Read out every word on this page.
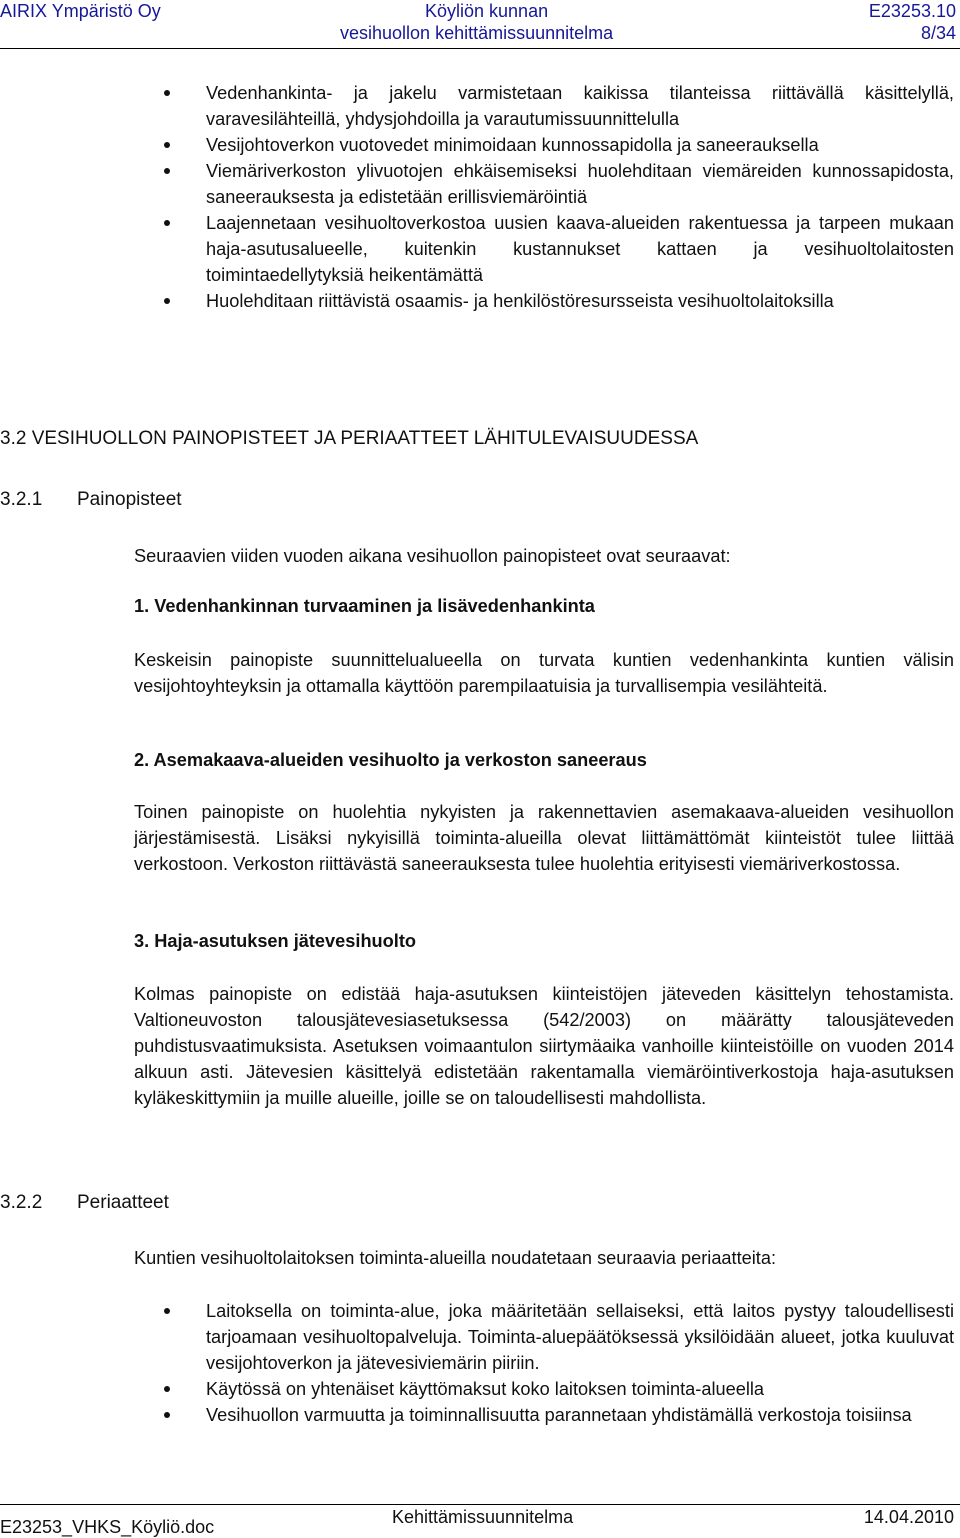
AIRIX Ympäristö Oy	Köyliön kunnan	E23253.10
vesihuollon kehittämissuunnitelma	8/34
Vedenhankinta- ja jakelu varmistetaan kaikissa tilanteissa riittävällä käsittelyllä, varavesilähteillä, yhdysjohdoilla ja varautumissuunnittelulla
Vesijohtoverkon vuotovedet minimoidaan kunnossapidolla ja saneerauksella
Viemäriverkoston ylivuotojen ehkäisemiseksi huolehditaan viemäreiden kunnossapidosta, saneerauksesta ja edistetään erillisviemäröintiä
Laajennetaan vesihuoltoverkostoa uusien kaava-alueiden rakentuessa ja tarpeen mukaan haja-asutusalueelle, kuitenkin kustannukset kattaen ja vesihuoltolaitosten toimintaedellytyksiä heikentämättä
Huolehditaan riittävistä osaamis- ja henkilöstöresursseista vesihuoltolaitoksilla
3.2 VESIHUOLLON PAINOPISTEET JA PERIAATTEET LÄHITULEVAISUUDESSA
3.2.1 Painopisteet
Seuraavien viiden vuoden aikana vesihuollon painopisteet ovat seuraavat:
1. Vedenhankinnan turvaaminen ja lisävedenhankinta
Keskeisin painopiste suunnittelualueella on turvata kuntien vedenhankinta kuntien välisin vesijohtoyhteyksin ja ottamalla käyttöön parempilaatuisia ja turvallisempia vesilähteitä.
2. Asemakaava-alueiden vesihuolto ja verkoston saneeraus
Toinen painopiste on huolehtia nykyisten ja rakennettavien asemakaava-alueiden vesihuollon järjestämisestä. Lisäksi nykyisillä toiminta-alueilla olevat liittämättömät kiinteistöt tulee liittää verkostoon. Verkoston riittävästä saneerauksesta tulee huolehtia erityisesti viemäriverkostossa.
3. Haja-asutuksen jätevesihuolto
Kolmas painopiste on edistää haja-asutuksen kiinteistöjen jäteveden käsittelyn tehostamista. Valtioneuvoston talousjätevesiasetuksessa (542/2003) on määrätty talousjäteveden puhdistusvaatimuksista. Asetuksen voimaantulon siirtymäaika vanhoille kiinteistöille on vuoden 2014 alkuun asti. Jätevesien käsittelyä edistetään rakentamalla viemäröintiverkostoja haja-asutuksen kyläkeskittymiin ja muille alueille, joille se on taloudellisesti mahdollista.
3.2.2 Periaatteet
Kuntien vesihuoltolaitoksen toiminta-alueilla noudatetaan seuraavia periaatteita:
Laitoksella on toiminta-alue, joka määritetään sellaiseksi, että laitos pystyy taloudellisesti tarjoamaan vesihuoltopalveluja. Toiminta-aluepäätöksessä yksilöidään alueet, jotka kuuluvat vesijohtoverkon ja jätevesiviemärin piiriin.
Käytössä on yhtenäiset käyttömaksut koko laitoksen toiminta-alueella
Vesihuollon varmuutta ja toiminnallisuutta parannetaan yhdistämällä verkostoja toisiinsa
E23253_VHKS_Köyliö.doc	Kehittämissuunnitelma	14.04.2010
